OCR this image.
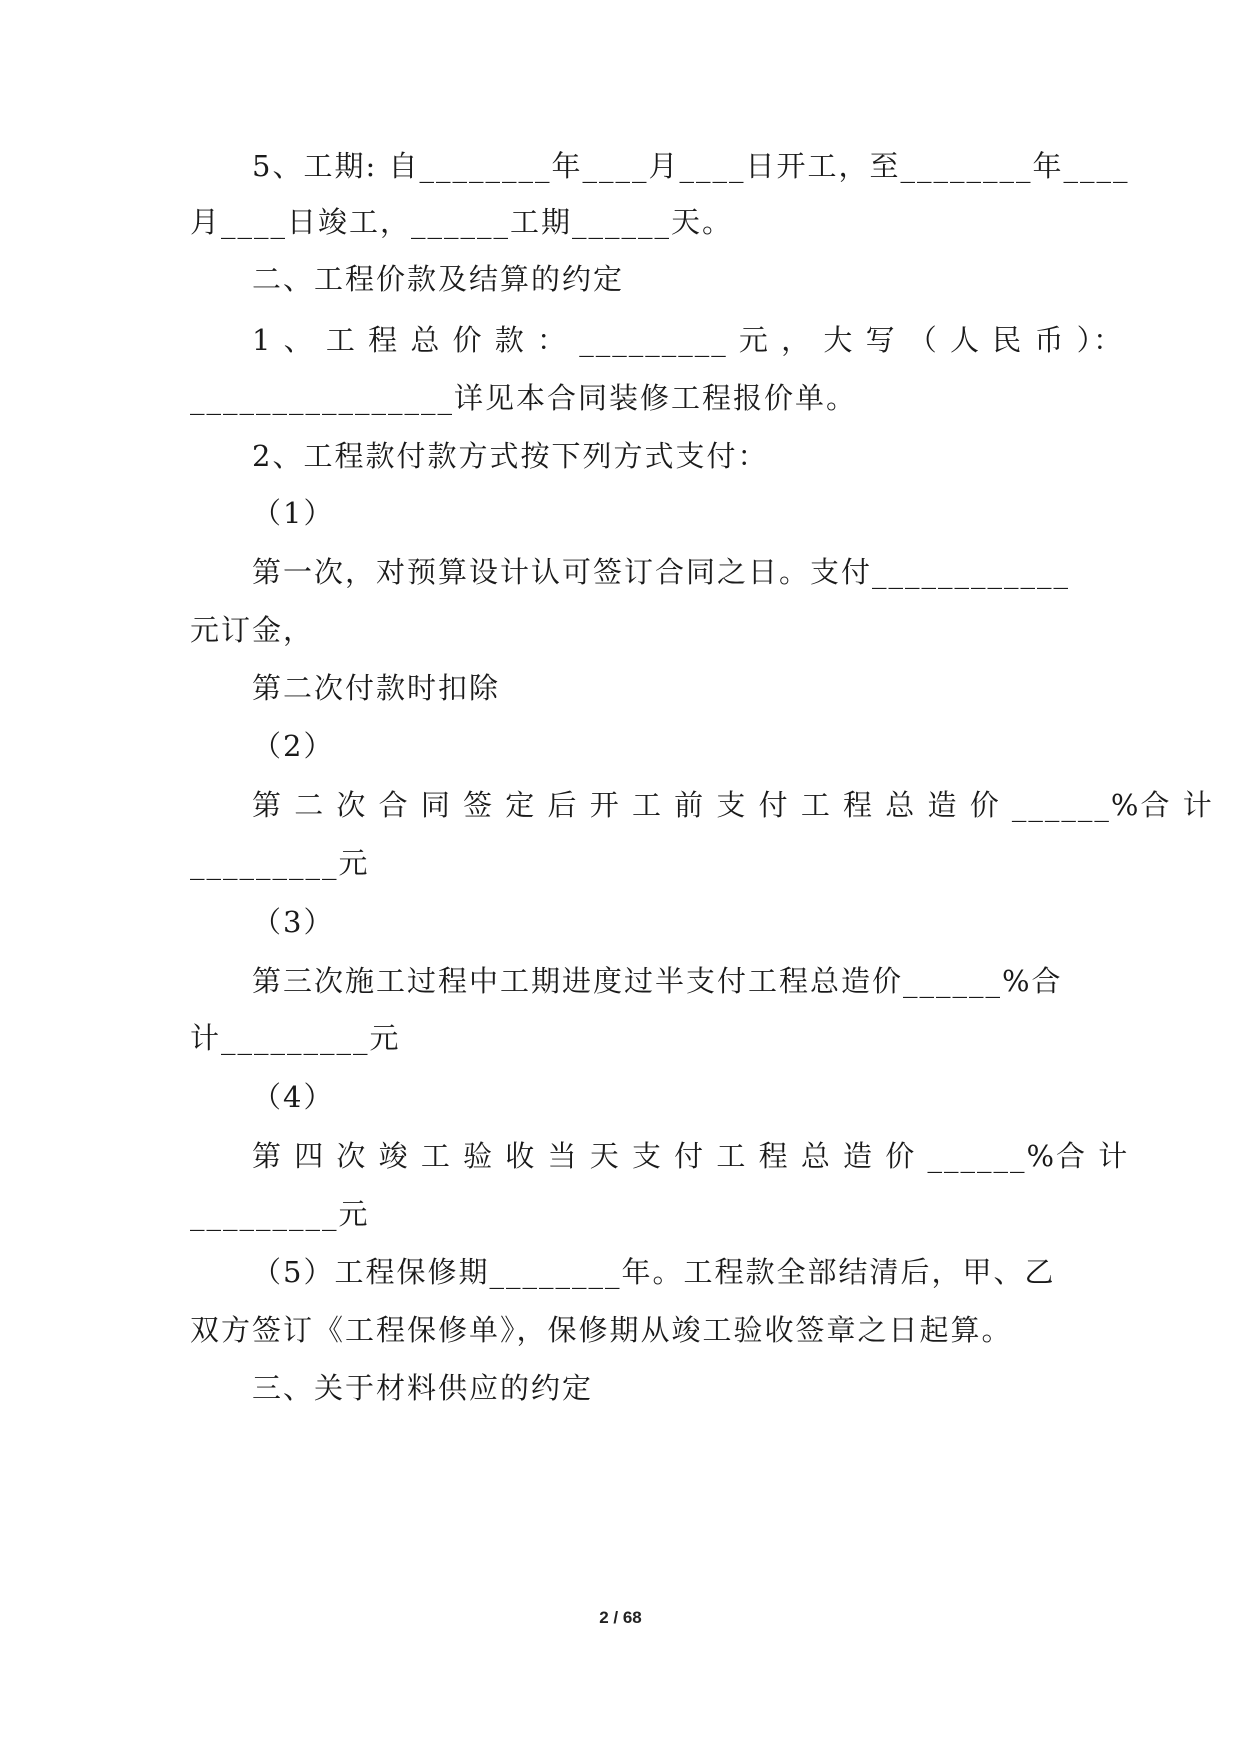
5、工期: 自________年____月____日开工，至________年____
月____日竣工，______工期______天。
二、工程价款及结算的约定
1 、 工 程 总 价 款 ： _________ 元 ， 大 写 （ 人 民 币 ）：
________________详见本合同装修工程报价单。
2、工程款付款方式按下列方式支付：
（1）
第一次，对预算设计认可签订合同之日。支付____________
元订金，
第二次付款时扣除
（2）
第 二 次 合 同 签 定 后 开 工 前 支 付 工 程 总 造 价 ______%合 计
_________元
（3）
第三次施工过程中工期进度过半支付工程总造价______%合
计_________元
（4）
第 四 次 竣 工 验 收 当 天 支 付 工 程 总 造 价 ______%合 计
_________元
（5）工程保修期________年。工程款全部结清后，甲、乙
双方签订《工程保修单》，保修期从竣工验收签章之日起算。
三、关于材料供应的约定
2 / 68
